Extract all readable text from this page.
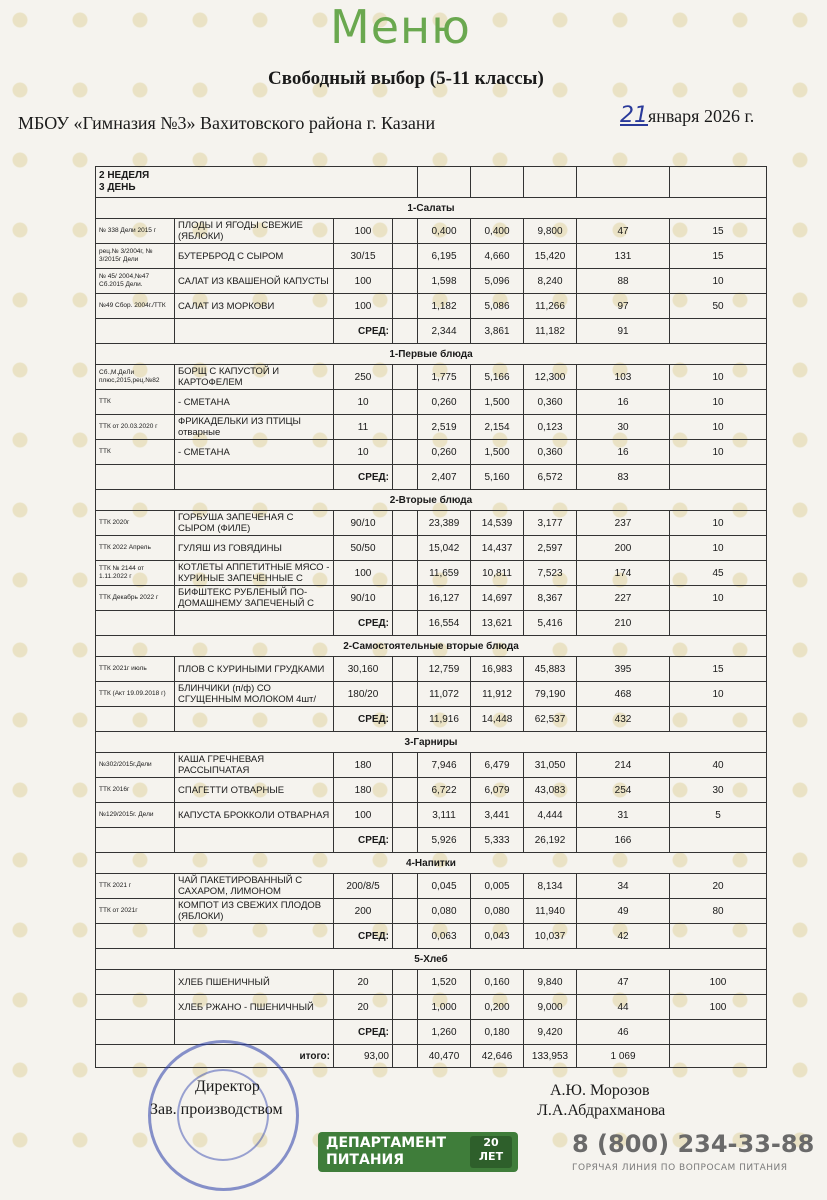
Меню
Свободный выбор (5-11 классы)
МБОУ «Гимназия №3» Вахитовского района г. Казани	21января 2026 г.
2 НЕДЕЛЯ
3 ДЕНЬ								
1-Салаты								
№ 338 Дели 2015 г	ПЛОДЫ И ЯГОДЫ СВЕЖИЕ (ЯБЛОКИ)	100		0,400	0,400	9,800	47	15
рец.№ 3/2004г, № 3/2015г Дели	БУТЕРБРОД С СЫРОМ	30/15		6,195	4,660	15,420	131	15
№ 45/ 2004,№47 Сб.2015 Дели.	САЛАТ ИЗ КВАШЕНОЙ КАПУСТЫ	100		1,598	5,096	8,240	88	10
№49 Сбор. 2004г./ТТК	САЛАТ ИЗ МОРКОВИ	100		1,182	5,086	11,266	97	50
		СРЕД:		2,344	3,861	11,182	91	
1-Первые блюда								
Сб.,М.ДеЛи плюс,2015,рец.№82	БОРЩ С КАПУСТОЙ И КАРТОФЕЛЕМ	250		1,775	5,166	12,300	103	10
ТТК	- СМЕТАНА	10		0,260	1,500	0,360	16	10
ТТК от 20.03.2020 г	ФРИКАДЕЛЬКИ ИЗ ПТИЦЫ отварные	11		2,519	2,154	0,123	30	10
ТТК	- СМЕТАНА	10		0,260	1,500	0,360	16	10
		СРЕД:		2,407	5,160	6,572	83	
2-Вторые блюда								
ТТК 2020г	ГОРБУША ЗАПЕЧЕНАЯ С СЫРОМ (ФИЛЕ)	90/10		23,389	14,539	3,177	237	10
ТТК 2022 Апрель	ГУЛЯШ ИЗ ГОВЯДИНЫ	50/50		15,042	14,437	2,597	200	10
ТТК № 2144 от 1.11.2022 г	КОТЛЕТЫ АППЕТИТНЫЕ МЯСО - КУРИНЫЕ ЗАПЕЧЕННЫЕ С	100		11,659	10,811	7,523	174	45
ТТК Декабрь 2022 г	БИФШТЕКС РУБЛЕНЫЙ ПО-ДОМАШНЕМУ ЗАПЕЧЕНЫЙ С	90/10		16,127	14,697	8,367	227	10
		СРЕД:		16,554	13,621	5,416	210	
2-Самостоятельные вторые блюда								
ТТК 2021г июль	ПЛОВ С КУРИНЫМИ ГРУДКАМИ	30,160		12,759	16,983	45,883	395	15
ТТК (Акт 19.09.2018 г)	БЛИНЧИКИ (п/ф) СО СГУЩЕННЫМ МОЛОКОМ 4шт/	180/20		11,072	11,912	79,190	468	10
		СРЕД:		11,916	14,448	62,537	432	
3-Гарниры								
№302/2015г.Дели	КАША ГРЕЧНЕВАЯ РАССЫПЧАТАЯ	180		7,946	6,479	31,050	214	40
ТТК 2016г	СПАГЕТТИ ОТВАРНЫЕ	180		6,722	6,079	43,083	254	30
№129/2015г. Дели	КАПУСТА БРОККОЛИ ОТВАРНАЯ	100		3,111	3,441	4,444	31	5
		СРЕД:		5,926	5,333	26,192	166	
4-Напитки								
ТТК 2021 г	ЧАЙ ПАКЕТИРОВАННЫЙ С САХАРОМ, ЛИМОНОМ	200/8/5		0,045	0,005	8,134	34	20
ТТК от 2021г	КОМПОТ ИЗ СВЕЖИХ ПЛОДОВ (ЯБЛОКИ)	200		0,080	0,080	11,940	49	80
		СРЕД:		0,063	0,043	10,037	42	
5-Хлеб								
	ХЛЕБ ПШЕНИЧНЫЙ	20		1,520	0,160	9,840	47	100
	ХЛЕБ РЖАНО - ПШЕНИЧНЫЙ	20		1,000	0,200	9,000	44	100
		СРЕД:		1,260	0,180	9,420	46	
итого:		93,00		40,470	42,646	133,953	1 069	
Директор
Зав. производством
А.Ю. Морозов
Л.А.Абдрахманова
ДЕПАРТАМЕНТ
ПИТАНИЯ
20
ЛЕТ	8 (800) 234-33-88
ГОРЯЧАЯ ЛИНИЯ ПО ВОПРОСАМ ПИТАНИЯ
